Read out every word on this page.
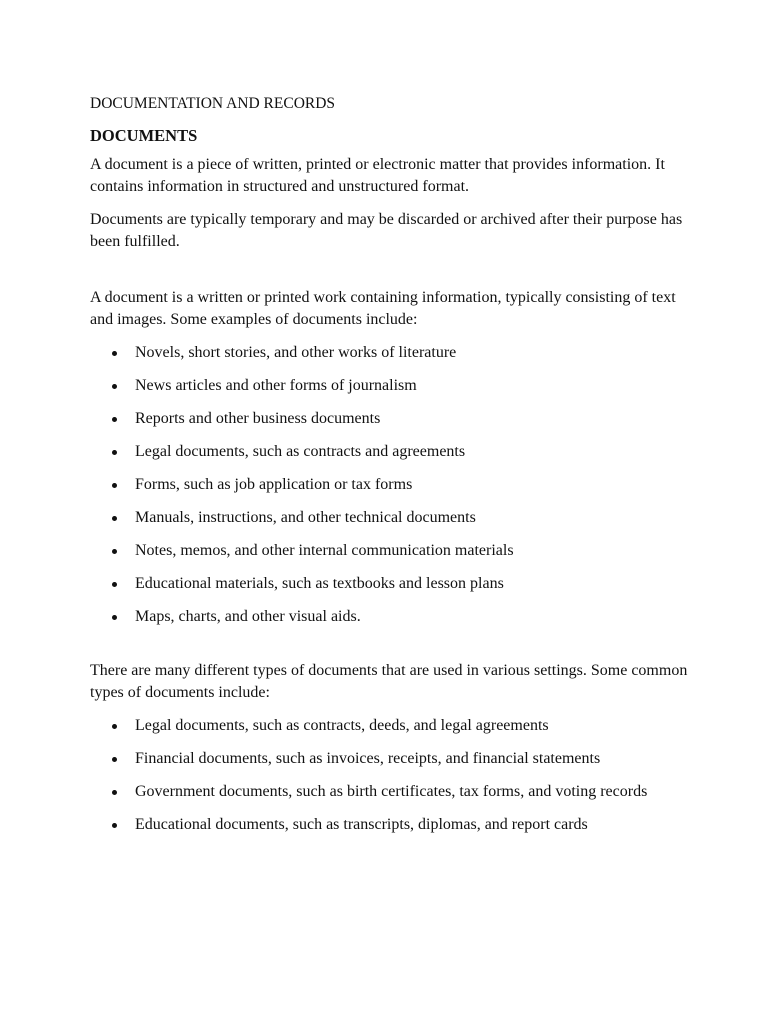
DOCUMENTATION AND RECORDS
DOCUMENTS

A document is a piece of written, printed or electronic matter that provides information. It contains information in structured and unstructured format.

Documents are typically temporary and may be discarded or archived after their purpose has been fulfilled.

A document is a written or printed work containing information, typically consisting of text and images. Some examples of documents include:

Novels, short stories, and other works of literature
News articles and other forms of journalism
Reports and other business documents
Legal documents, such as contracts and agreements
Forms, such as job application or tax forms
Manuals, instructions, and other technical documents
Notes, memos, and other internal communication materials
Educational materials, such as textbooks and lesson plans
Maps, charts, and other visual aids.

There are many different types of documents that are used in various settings. Some common types of documents include:

Legal documents, such as contracts, deeds, and legal agreements
Financial documents, such as invoices, receipts, and financial statements
Government documents, such as birth certificates, tax forms, and voting records
Educational documents, such as transcripts, diplomas, and report cards
